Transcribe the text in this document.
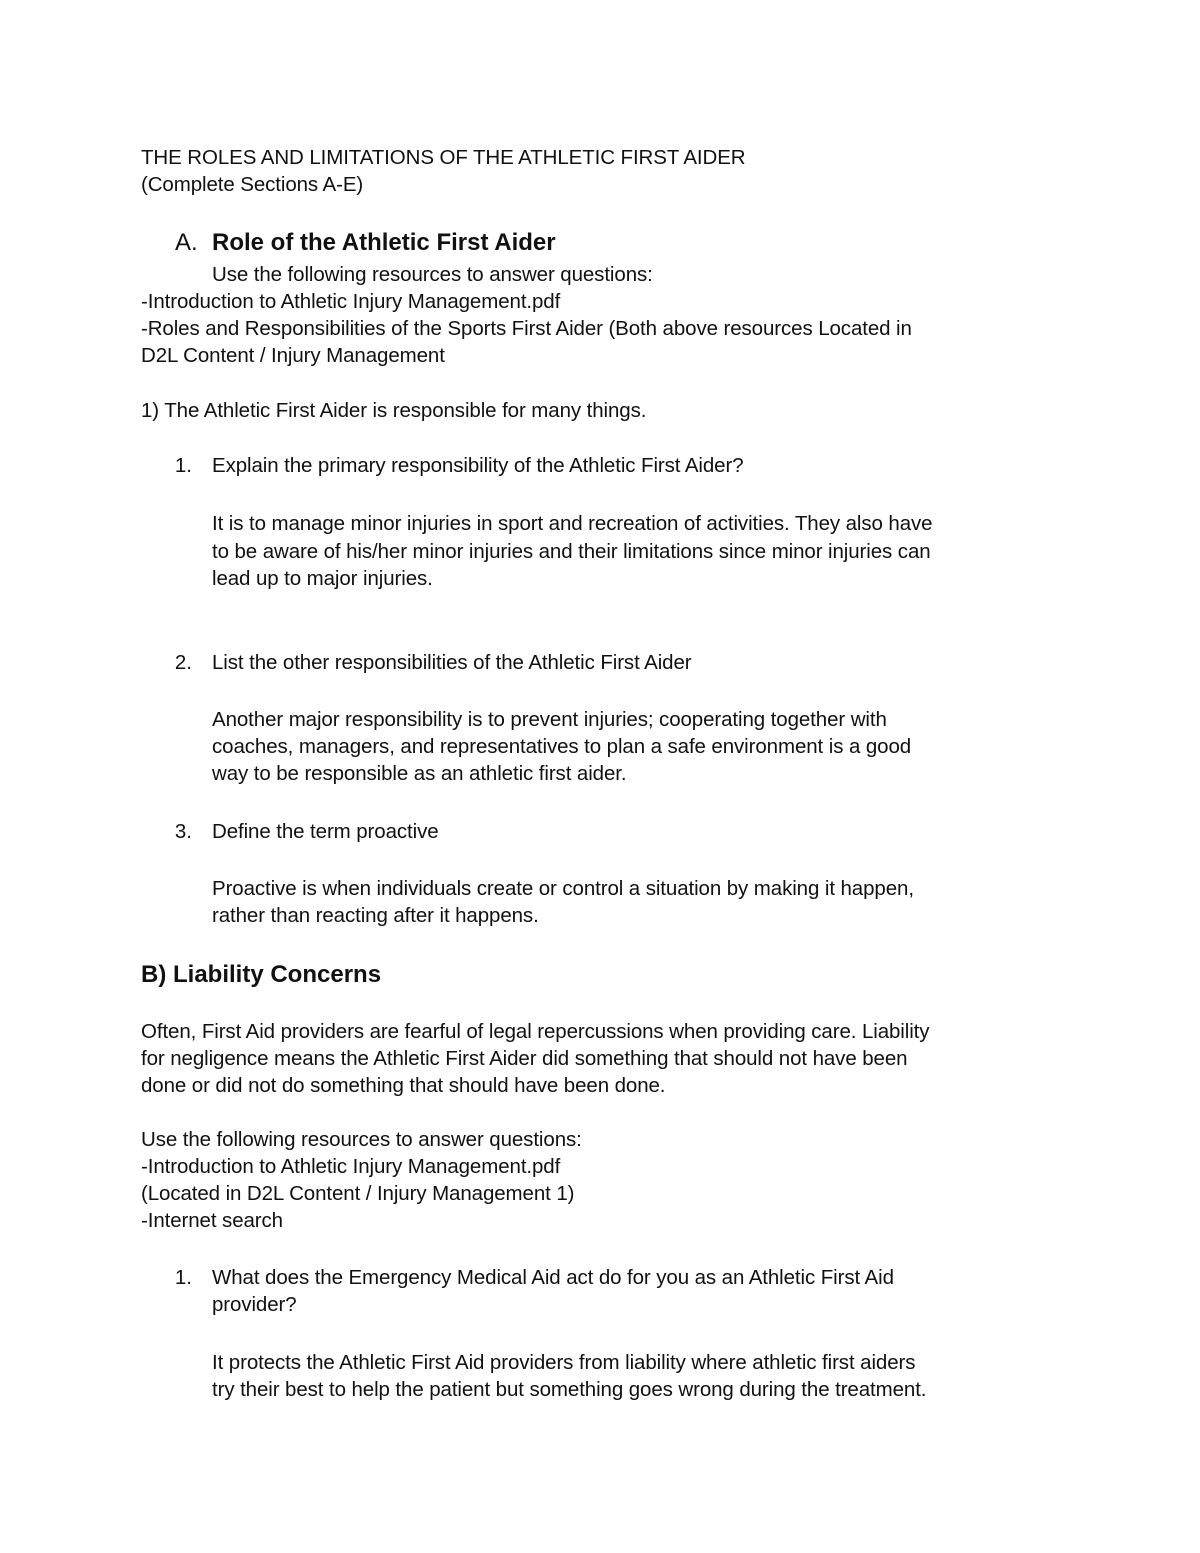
THE ROLES AND LIMITATIONS OF THE ATHLETIC FIRST AIDER
(Complete Sections A-E)
A. Role of the Athletic First Aider
Use the following resources to answer questions:
-Introduction to Athletic Injury Management.pdf
-Roles and Responsibilities of the Sports First Aider (Both above resources Located in
D2L Content / Injury Management
1) The Athletic First Aider is responsible for many things.
1. Explain the primary responsibility of the Athletic First Aider?
It is to manage minor injuries in sport and recreation of activities. They also have
to be aware of his/her minor injuries and their limitations since minor injuries can
lead up to major injuries.
2. List the other responsibilities of the Athletic First Aider
Another major responsibility is to prevent injuries; cooperating together with
coaches, managers, and representatives to plan a safe environment is a good
way to be responsible as an athletic first aider.
3. Define the term proactive
Proactive is when individuals create or control a situation by making it happen,
rather than reacting after it happens.
B) Liability Concerns
Often, First Aid providers are fearful of legal repercussions when providing care. Liability
for negligence means the Athletic First Aider did something that should not have been
done or did not do something that should have been done.
Use the following resources to answer questions:
-Introduction to Athletic Injury Management.pdf
(Located in D2L Content / Injury Management 1)
-Internet search
1. What does the Emergency Medical Aid act do for you as an Athletic First Aid
provider?
It protects the Athletic First Aid providers from liability where athletic first aiders
try their best to help the patient but something goes wrong during the treatment.
